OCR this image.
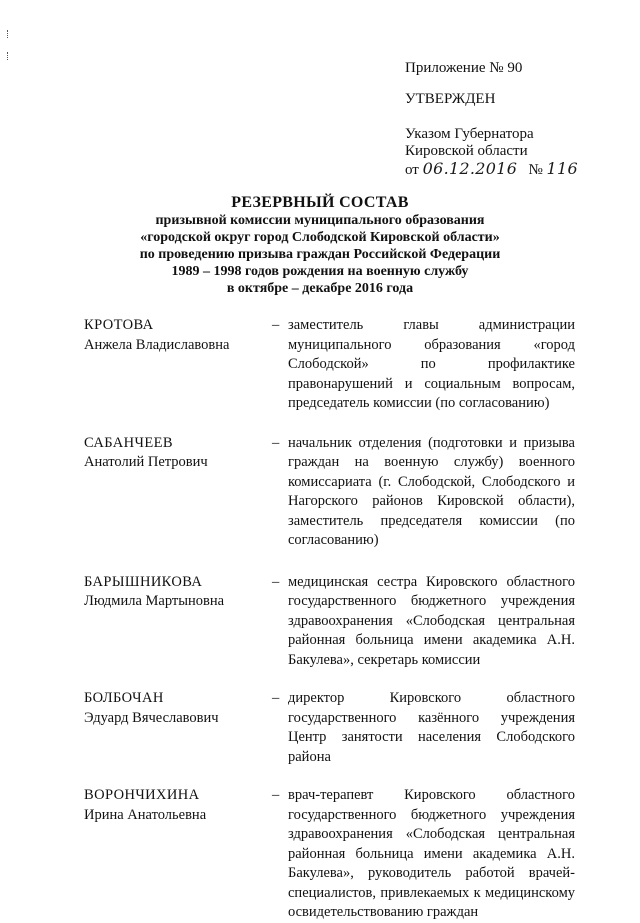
Приложение № 90
УТВЕРЖДЕН
Указом Губернатора
Кировской области
от 06.12.2016 № 116
РЕЗЕРВНЫЙ СОСТАВ
призывной комиссии муниципального образования
«городской округ город Слободской Кировской области»
по проведению призыва граждан Российской Федерации
1989 – 1998 годов рождения на военную службу
в октябре – декабре 2016 года
КРОТОВА
Анжела Владиславовна
– заместитель главы администрации муниципального образования «город Слободской» по профилактике правонарушений и социальным вопросам, председатель комиссии (по согласованию)
САБАНЧЕЕВ
Анатолий Петрович
– начальник отделения (подготовки и призыва граждан на военную службу) военного комиссариата (г. Слободской, Слободского и Нагорского районов Кировской области), заместитель председателя комиссии (по согласованию)
БАРЫШНИКОВА
Людмила Мартыновна
– медицинская сестра Кировского областного государственного бюджетного учреждения здравоохранения «Слободская центральная районная больница имени академика А.Н. Бакулева», секретарь комиссии
БОЛБОЧАН
Эдуард Вячеславович
– директор Кировского областного государственного казённого учреждения Центр занятости населения Слободского района
ВОРОНЧИХИНА
Ирина Анатольевна
– врач-терапевт Кировского областного государственного бюджетного учреждения здравоохранения «Слободская центральная районная больница имени академика А.Н. Бакулева», руководитель работой врачей-специалистов, привлекаемых к медицинскому освидетельствованию граждан
